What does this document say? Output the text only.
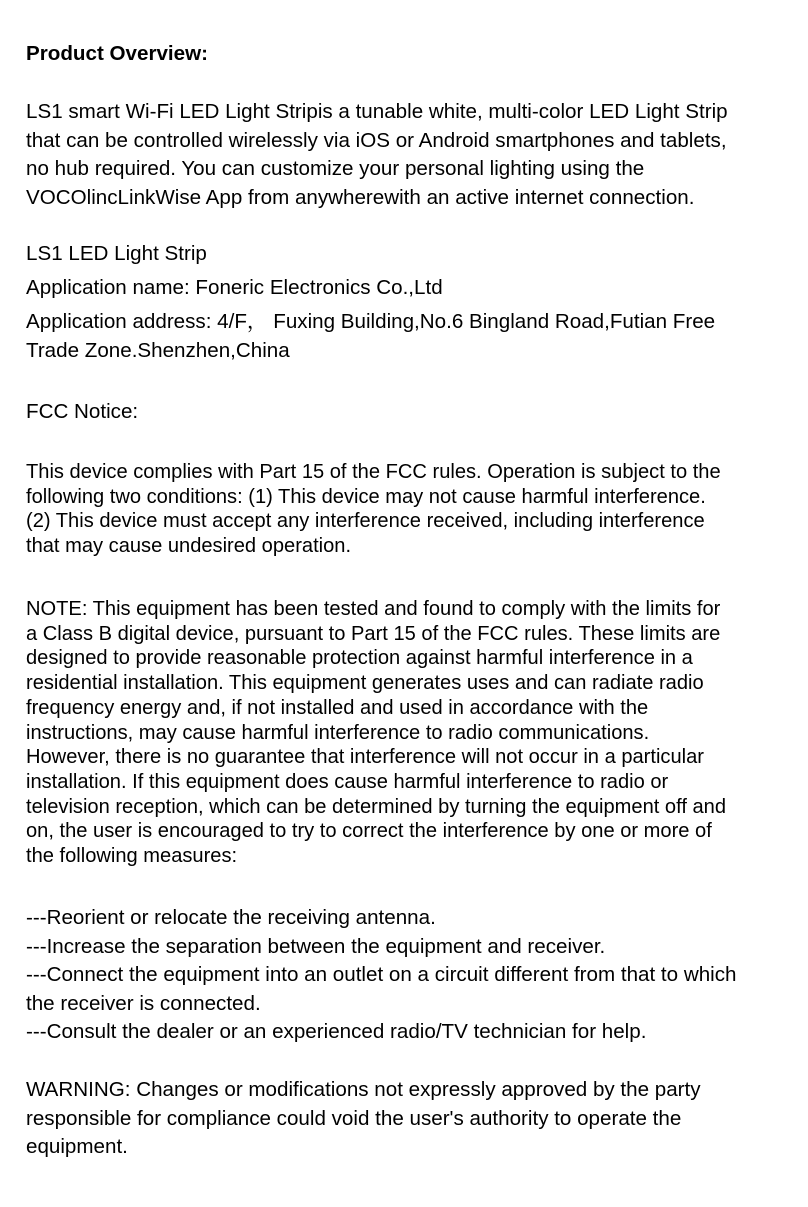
Product Overview:
LS1 smart Wi-Fi LED Light Stripis a tunable white, multi-color LED Light Strip
that can be controlled wirelessly via iOS or Android smartphones and tablets,
no hub required. You can customize your personal lighting using the
VOCOlincLinkWise App from anywherewith an active internet connection.
LS1 LED Light Strip
Application name: Foneric Electronics Co.,Ltd
Application address: 4/F， Fuxing Building,No.6 Bingland Road,Futian Free
Trade Zone.Shenzhen,China
FCC Notice:
This device complies with Part 15 of the FCC rules. Operation is subject to the
following two conditions: (1) This device may not cause harmful interference.
(2) This device must accept any interference received, including interference
that may cause undesired operation.
NOTE: This equipment has been tested and found to comply with the limits for
a Class B digital device, pursuant to Part 15 of the FCC rules. These limits are
designed to provide reasonable protection against harmful interference in a
residential installation. This equipment generates uses and can radiate radio
frequency energy and, if not installed and used in accordance with the
instructions, may cause harmful interference to radio communications.
However, there is no guarantee that interference will not occur in a particular
installation. If this equipment does cause harmful interference to radio or
television reception, which can be determined by turning the equipment off and
on, the user is encouraged to try to correct the interference by one or more of
the following measures:
---Reorient or relocate the receiving antenna.
---Increase the separation between the equipment and receiver.
---Connect the equipment into an outlet on a circuit different from that to which
the receiver is connected.
---Consult the dealer or an experienced radio/TV technician for help.
WARNING: Changes or modifications not expressly approved by the party
responsible for compliance could void the user's authority to operate the
equipment.
